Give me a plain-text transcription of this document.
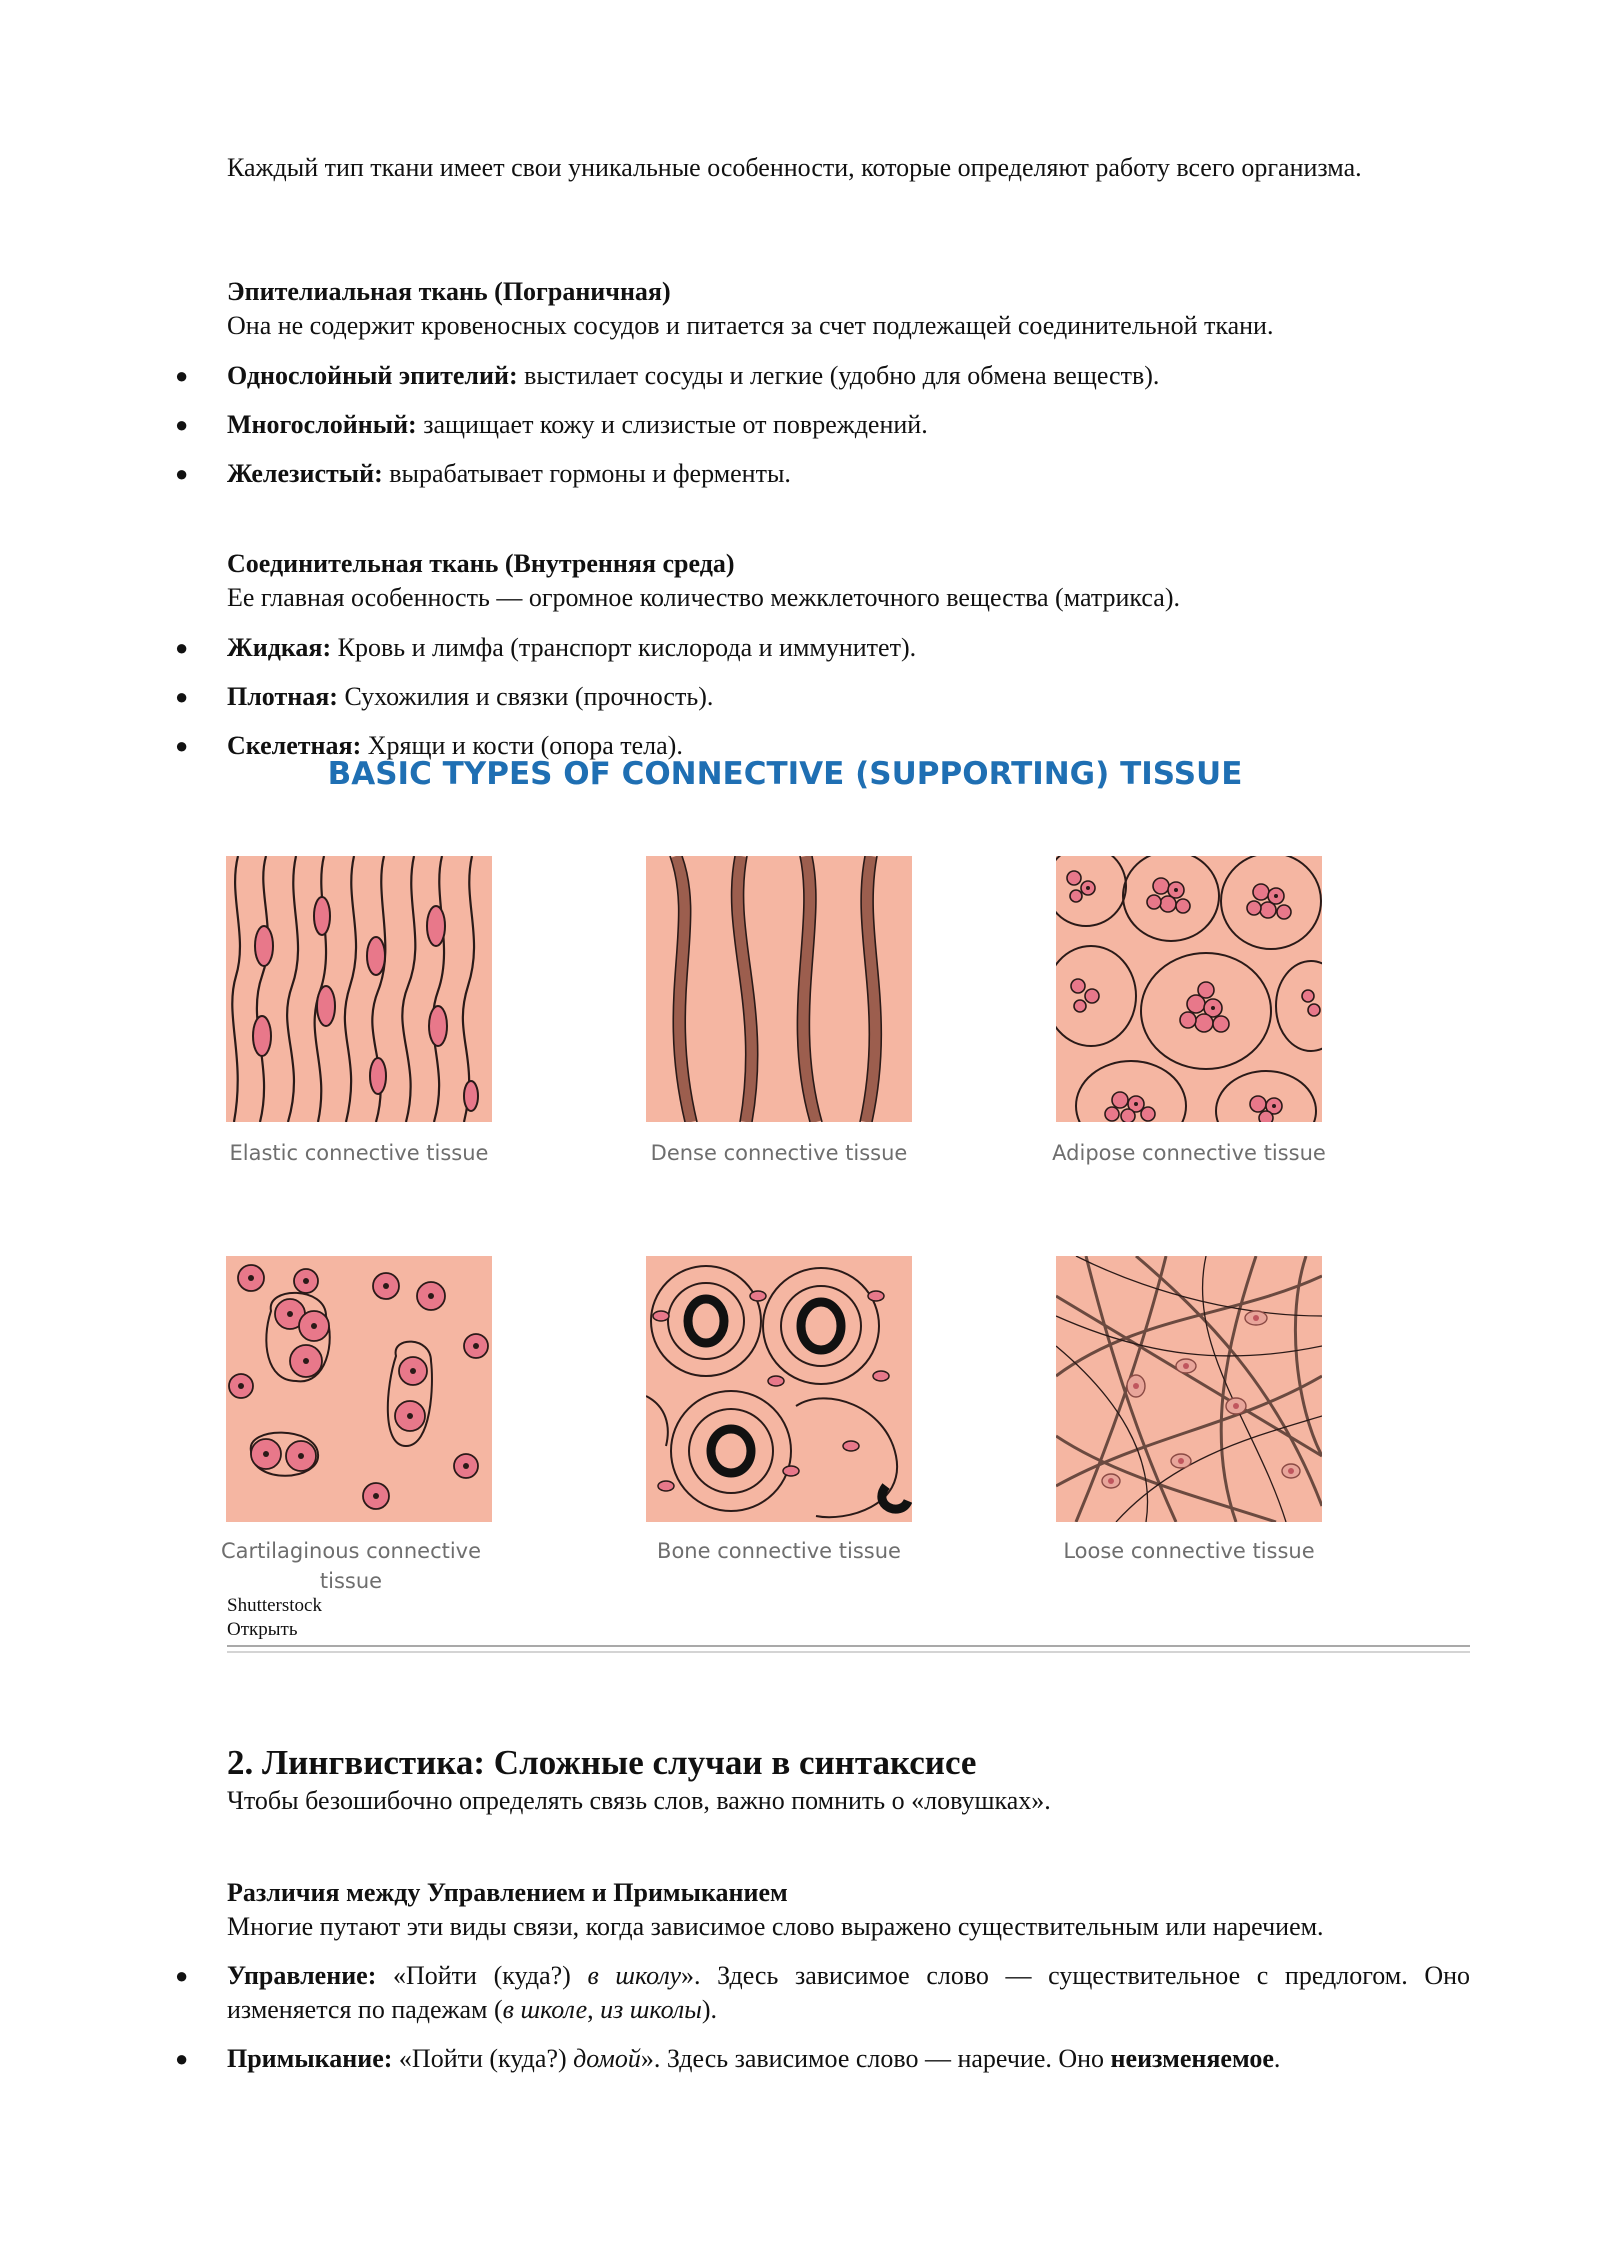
Каждый тип ткани имеет свои уникальные особенности, которые определяют работу всего организма.

Эпителиальная ткань (Пограничная)
Она не содержит кровеносных сосудов и питается за счет подлежащей соединительной ткани.
● Однослойный эпителий: выстилает сосуды и легкие (удобно для обмена веществ).
● Многослойный: защищает кожу и слизистые от повреждений.
● Железистый: вырабатывает гормоны и ферменты.
Соединительная ткань (Внутренняя среда)
Ее главная особенность — огромное количество межклеточного вещества (матрикса).
● Жидкая: Кровь и лимфа (транспорт кислорода и иммунитет).
● Плотная: Сухожилия и связки (прочность).
● Скелетная: Хрящи и кости (опора тела).
BASIC TYPES OF CONNECTIVE (SUPPORTING) TISSUE
Elastic connective tissue	Dense connective tissue	Adipose connective tissue
Cartilaginous connective tissue
Bone connective tissue	Loose connective tissue
Shutterstock
Открыть
2. Лингвистика: Сложные случаи в синтаксисе
Чтобы безошибочно определять связь слов, важно помнить о «ловушках».
Различия между Управлением и Примыканием
Многие путают эти виды связи, когда зависимое слово выражено существительным или наречием.
● Управление: «Пойти (куда?) в школу». Здесь зависимое слово — существительное с предлогом. Оно изменяется по падежам (в школе, из школы).
● Примыкание: «Пойти (куда?) домой». Здесь зависимое слово — наречие. Оно неизменяемое.
